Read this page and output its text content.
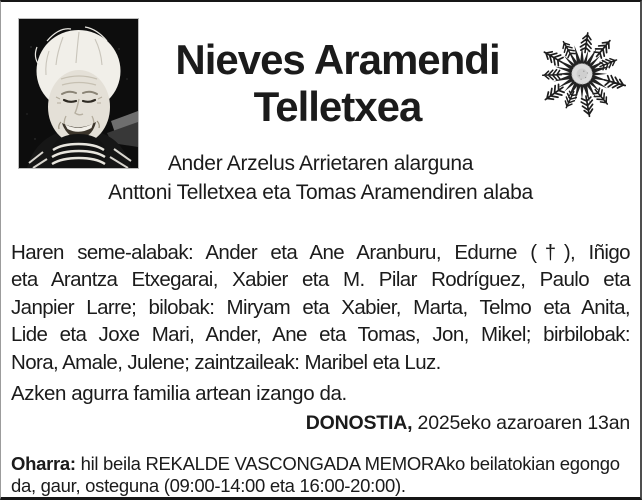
Nieves Aramendi
Telletxea
Ander Arzelus Arrietaren alarguna
Anttoni Telletxea eta Tomas Aramendiren alaba
Haren seme-alabak: Ander eta Ane Aranburu, Edurne (†), Iñigo
eta Arantza Etxegarai, Xabier eta M. Pilar Rodríguez, Paulo eta
Janpier Larre; bilobak: Miryam eta Xabier, Marta, Telmo eta Anita,
Lide eta Joxe Mari, Ander, Ane eta Tomas, Jon, Mikel; birbilobak:
Nora, Amale, Julene; zaintzaileak: Maribel eta Luz.
Azken agurra familia artean izango da.
DONOSTIA, 2025eko azaroaren 13an
Oharra: hil beila REKALDE VASCONGADA MEMORAko beilatokian egongo da, gaur, osteguna (09:00-14:00 eta 16:00-20:00).
